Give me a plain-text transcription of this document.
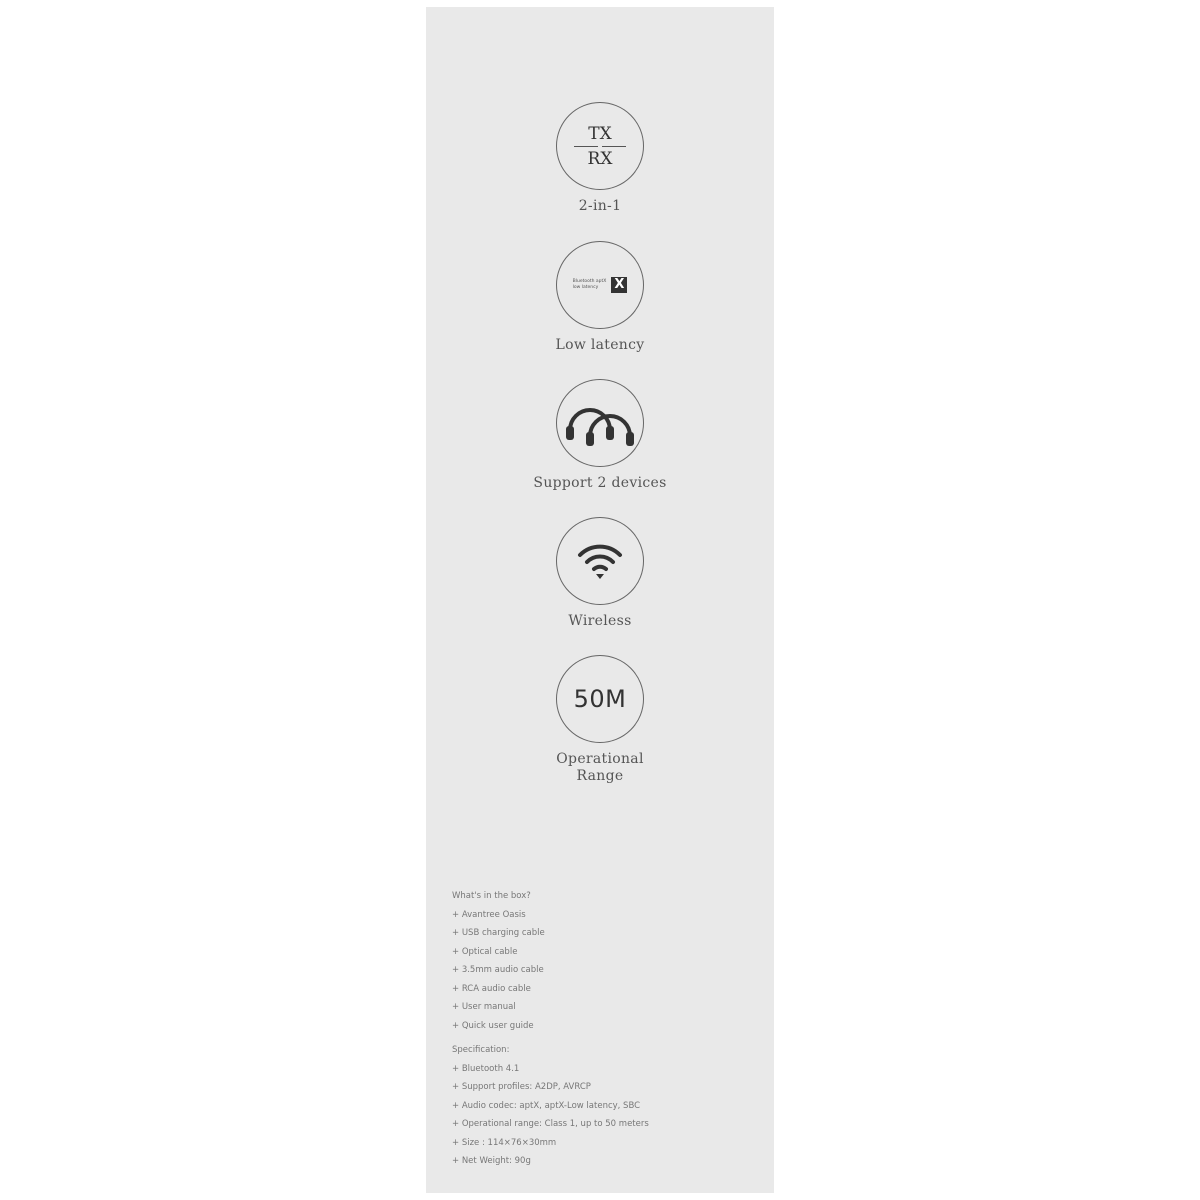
TX
RX
2-in-1
Bluetooth aptX
low latency	X
Low latency
Support 2 devices
Wireless
50M
Operational
Range
What's in the box?
+ Avantree Oasis
+ USB charging cable
+ Optical cable
+ 3.5mm audio cable
+ RCA audio cable
+ User manual
+ Quick user guide
Specification:
+ Bluetooth 4.1
+ Support profiles: A2DP, AVRCP
+ Audio codec: aptX, aptX-Low latency, SBC
+ Operational range: Class 1, up to 50 meters
+ Size : 114×76×30mm
+ Net Weight: 90g
